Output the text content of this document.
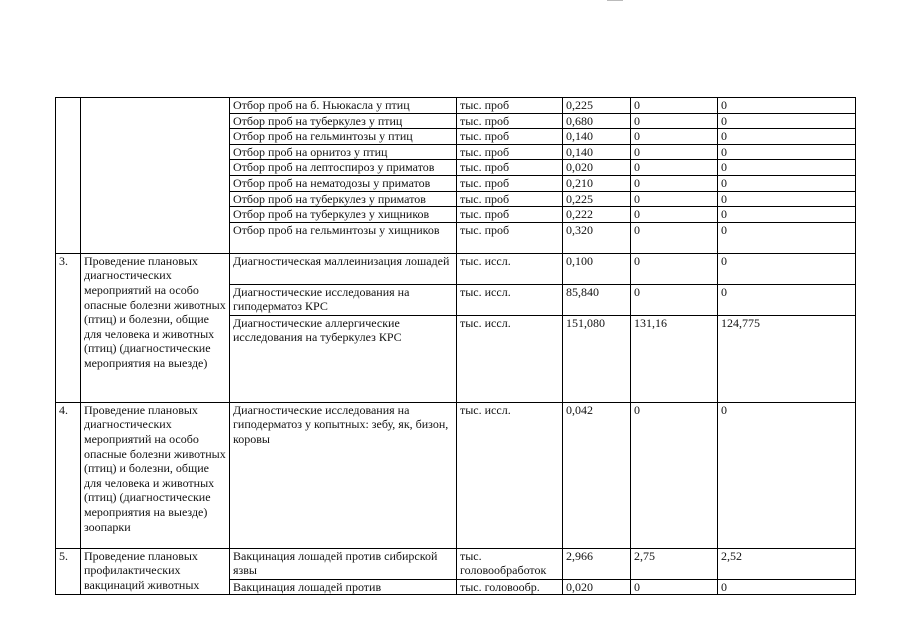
		Отбор проб на б. Ньюкасла у птиц	тыс. проб	0,225	0	0
		Отбор проб на туберкулез у птиц	тыс. проб	0,680	0	0
		Отбор проб на гельминтозы у птиц	тыс. проб	0,140	0	0
		Отбор проб на орнитоз у птиц	тыс. проб	0,140	0	0
		Отбор проб на лептоспироз у приматов	тыс. проб	0,020	0	0
		Отбор проб на нематодозы у приматов	тыс. проб	0,210	0	0
		Отбор проб на туберкулез у приматов	тыс. проб	0,225	0	0
		Отбор проб на туберкулез у хищников	тыс. проб	0,222	0	0
		Отбор проб на гельминтозы у хищников	тыс. проб	0,320	0	0
3.	Проведение плановых диагностических мероприятий на особо опасные болезни животных (птиц) и болезни, общие для человека и животных (птиц) (диагностические мероприятия на выезде)	Диагностическая маллеинизация лошадей	тыс. иссл.	0,100	0	0
		Диагностические исследования на гиподерматоз КРС	тыс. иссл.	85,840	0	0
		Диагностические аллергические исследования на туберкулез КРС	тыс. иссл.	151,080	131,16	124,775
4.	Проведение плановых диагностических мероприятий на особо опасные болезни животных (птиц) и болезни, общие для человека и животных (птиц) (диагностические мероприятия на выезде) зоопарки	Диагностические исследования на гиподерматоз у копытных: зебу, як, бизон, коровы	тыс. иссл.	0,042	0	0
5.	Проведение плановых профилактических вакцинаций животных	Вакцинация лошадей против сибирской язвы	тыс. головообработок	2,966	2,75	2,52
		Вакцинация лошадей против	тыс. головообр.	0,020	0	0
